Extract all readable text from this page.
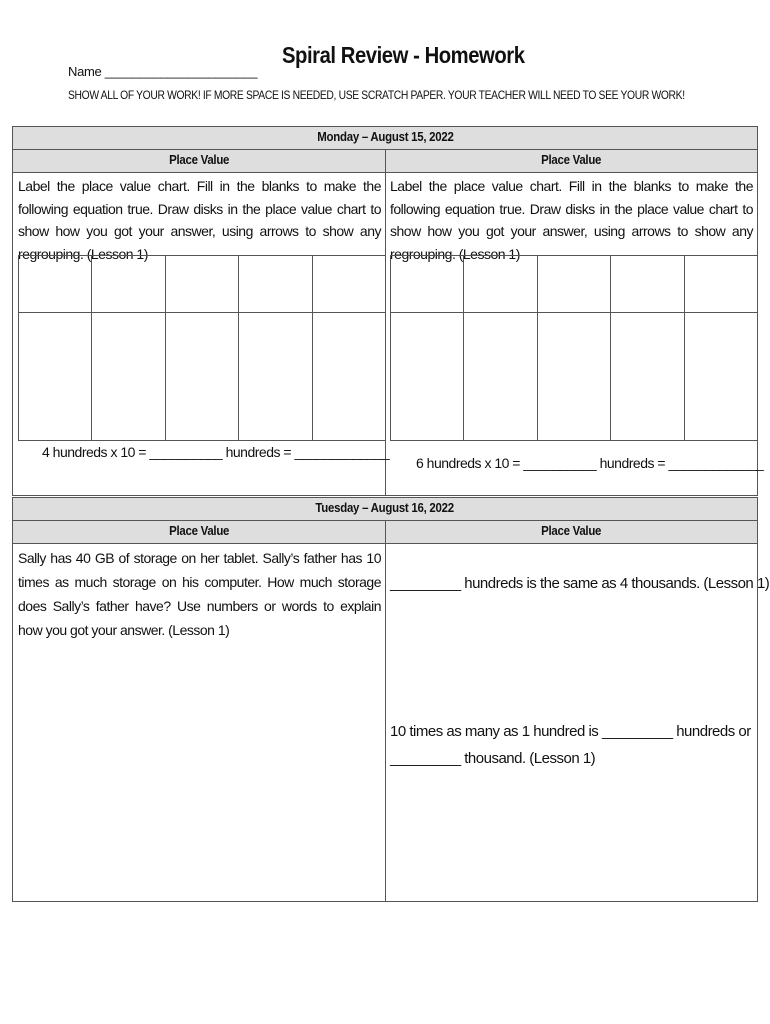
Name ______________________
Spiral Review - Homework
SHOW ALL OF YOUR WORK! IF MORE SPACE IS NEEDED, USE SCRATCH PAPER. YOUR TEACHER WILL NEED TO SEE YOUR WORK!
Monday – August 15, 2022
Place Value	Place Value
Label the place value chart. Fill in the blanks to make the following equation true. Draw disks in the place value chart to show how you got your answer, using arrows to show any regrouping. (Lesson 1)
Label the place value chart. Fill in the blanks to make the following equation true. Draw disks in the place value chart to show how you got your answer, using arrows to show any regrouping. (Lesson 1)
4 hundreds x 10 = __________ hundreds = _____________
6 hundreds x 10 = __________ hundreds = _____________
Tuesday – August 16, 2022
Place Value	Place Value
Sally has 40 GB of storage on her tablet. Sally’s father has 10 times as much storage on his computer. How much storage does Sally’s father have? Use numbers or words to explain how you got your answer. (Lesson 1)
_________ hundreds is the same as 4 thousands. (Lesson 1)
10 times as many as 1 hundred is _________ hundreds or
_________ thousand. (Lesson 1)
